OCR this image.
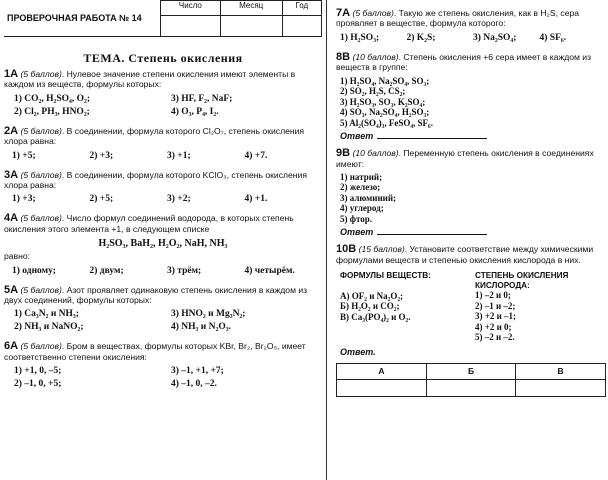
ПРОВЕРОЧНАЯ РАБОТА № 14	Число	Месяц	Год

ТЕМА. Степень окисления

1А (5 баллов). Нулевое значение степени окисления имеют элементы в каждом из веществ, формулы которых:

1) CO₂, H₂SO₄, O₂;	3) HF, F₂, NaF;
2) Cl₂, PH₃, HNO₂;	4) O₃, P₄, I₂.

2А (5 баллов). В соединении, формула которого Cl₂O₇, степень окисления хлора равна:

1) +5;	2) +3;	3) +1;	4) +7.

3А (5 баллов). В соединении, формула которого KClO₃, степень окисления хлора равна:

1) +3;	2) +5;	3) +2;	4) +1.

4А (5 баллов). Число формул соединений водорода, в которых степень окисления этого элемента +1, в следующем списке

H₂SO₃, BaH₂, H₂O₂, NaH, NH₃

равно:

1) одному;	2) двум;	3) трём;	4) четырём.

5А (5 баллов). Азот проявляет одинаковую степень окисления в каждом из двух соединений, формулы которых:

1) Ca₃N₂ и NH₃;	3) HNO₂ и Mg₃N₂;
2) NH₃ и NaNO₂;	4) NH₃ и N₂O₃.

6А (5 баллов). Бром в веществах, формулы которых KBr, Br₂, Br₂O₅, имеет соответственно степени окисления:

1) +1, 0, –5;	3) –1, +1, +7;
2) –1, 0, +5;	4) –1, 0, –2.

7А (5 баллов). Такую же степень окисления, как в H₂S, сера проявляет в веществе, формула которого:

1) H₂SO₃;	2) K₂S;	3) Na₂SO₄;	4) SF₆.

8В (10 баллов). Степень окисления +6 сера имеет в каждом из веществ в группе:

1) H₂SO₄, Na₂SO₄, SO₃;
2) SO₂, H₂S, CS₂;
3) H₂SO₃, SO₃, K₂SO₄;
4) SO₃, Na₂SO₄, H₂SO₃;
5) Al₂(SO₄)₃, FeSO₄, SF₆.
Ответ

9В (10 баллов). Переменную степень окисления в соединениях имеют:

1) натрий;
2) железо;
3) алюминий;
4) углерод;
5) фтор.
Ответ

10В (15 баллов). Установите соответствие между химическими формулами веществ и степенью окисления кислорода в них.

ФОРМУЛЫ ВЕЩЕСТВ:
А) OF₂ и Na₂O₂;
Б) H₂O₂ и CO₂;
В) Ca₃(PO₄)₂ и O₂.
СТЕПЕНЬ ОКИСЛЕНИЯ КИСЛОРОДА:
1) –2 и 0;
2) –1 и –2;
3) +2 и –1;
4) +2 и 0;
5) –2 и –2.
Ответ.
А	Б	В
